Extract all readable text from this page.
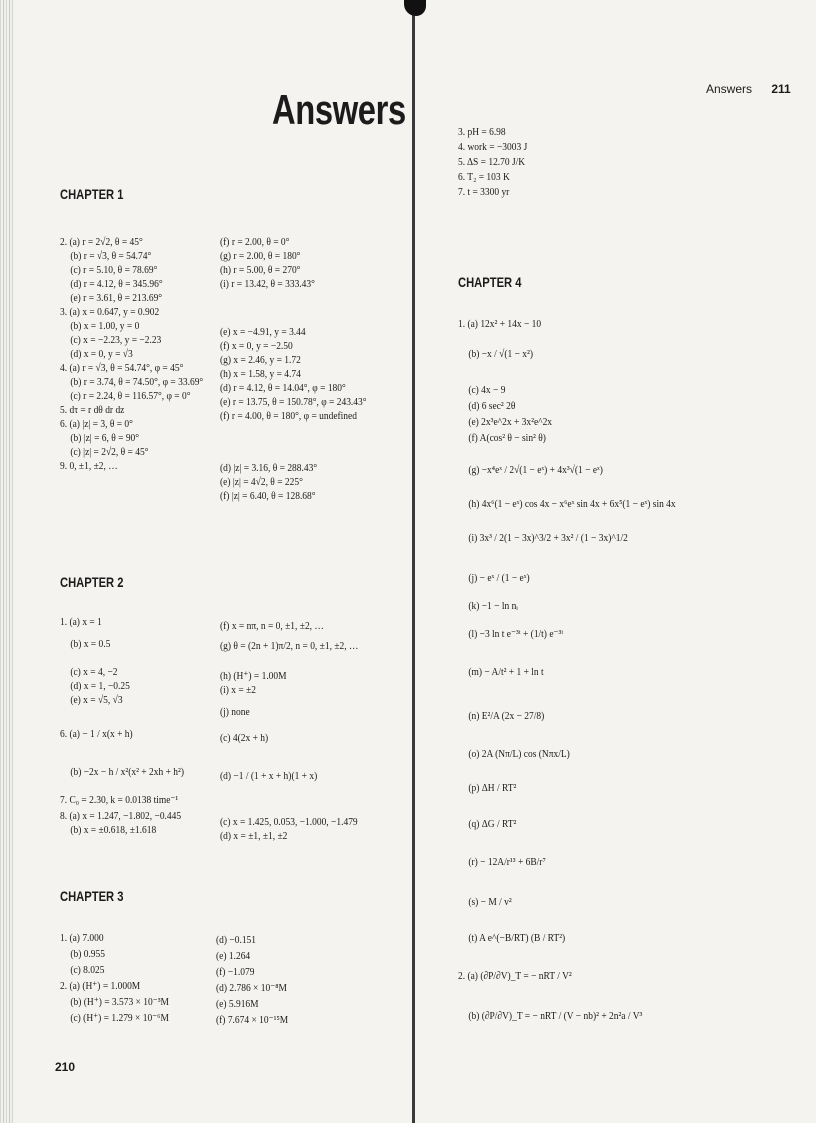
Answers	Answers 211
CHAPTER 1
2. (a) r = 2√2, θ = 45°
(b) r = √3, θ = 54.74°
(c) r = 5.10, θ = 78.69°
(d) r = 4.12, θ = 345.96°
(e) r = 3.61, θ = 213.69°
3. (a) x = 0.647, y = 0.902
(b) x = 1.00, y = 0
(c) x = −2.23, y = −2.23
(d) x = 0, y = √3
4. (a) r = √3, θ = 54.74°, φ = 45°
(b) r = 3.74, θ = 74.50°, φ = 33.69°
(c) r = 2.24, θ = 116.57°, φ = 0°
5. dτ = r dθ dr dz
6. (a) |z| = 3, θ = 0°
(b) |z| = 6, θ = 90°
(c) |z| = 2√2, θ = 45°
9. 0, ±1, ±2, …
(f) r = 2.00, θ = 0°
(g) r = 2.00, θ = 180°
(h) r = 5.00, θ = 270°
(i) r = 13.42, θ = 333.43°
(e) x = −4.91, y = 3.44
(f) x = 0, y = −2.50
(g) x = 2.46, y = 1.72
(h) x = 1.58, y = 4.74
(d) r = 4.12, θ = 14.04°, φ = 180°
(e) r = 13.75, θ = 150.78°, φ = 243.43°
(f) r = 4.00, θ = 180°, φ = undefined
(d) |z| = 3.16, θ = 288.43°
(e) |z| = 4√2, θ = 225°
(f) |z| = 6.40, θ = 128.68°
CHAPTER 2
1. (a) x = 1
(b) x = 0.5
(c) x = 4, −2
(d) x = 1, −0.25
(e) x = √5, √3
6. (a) − 1 / x(x + h)
(b) −2x − h / x²(x² + 2xh + h²)
7. C₀ = 2.30, k = 0.0138 time⁻¹
8. (a) x = 1.247, −1.802, −0.445
(b) x = ±0.618, ±1.618
(f) x = nπ, n = 0, ±1, ±2, …
(g) θ = (2n + 1)π/2, n = 0, ±1, ±2, …
(h) (H⁺) = 1.00M
(i) x = ±2
(j) none
(c) 4(2x + h)
(d) −1 / (1 + x + h)(1 + x)
(c) x = 1.425, 0.053, −1.000, −1.479
(d) x = ±1, ±1, ±2
CHAPTER 3
1. (a) 7.000
(b) 0.955
(c) 8.025
2. (a) (H⁺) = 1.000M
(b) (H⁺) = 3.573 × 10⁻³M
(c) (H⁺) = 1.279 × 10⁻⁶M
(d) −0.151
(e) 1.264
(f) −1.079
(d) 2.786 × 10⁻⁸M
(e) 5.916M
(f) 7.674 × 10⁻¹⁵M
210
3. pH = 6.98
4. work = −3003 J
5. ΔS = 12.70 J/K
6. T₂ = 103 K
7. t = 3300 yr
CHAPTER 4
1. (a) 12x² + 14x − 10
(b) −x / √(1 − x²)
(c) 4x − 9
(d) 6 sec² 2θ
(e) 2x³e^2x + 3x²e^2x
(f) A(cos² θ − sin² θ)
(g) −x⁴eˣ / 2√(1 − eˣ) + 4x³√(1 − eˣ)
(h) 4x⁶(1 − eˣ) cos 4x − x⁶eˣ sin 4x + 6x⁵(1 − eˣ) sin 4x
(i) 3x³ / 2(1 − 3x)^3/2 + 3x² / (1 − 3x)^1/2
(j) − eˣ / (1 − eˣ)
(k) −1 − ln nᵢ
(l) −3 ln t e⁻³ᵗ + (1/t) e⁻³ᵗ
(m) − A/t² + 1 + ln t
(n) E²/A (2x − 27/8)
(o) 2A (Nπ/L) cos (Nπx/L)
(p) ΔH / RT²
(q) ΔG / RT²
(r) − 12A/r¹³ + 6B/r⁷
(s) − M / v²
(t) A e^(−B/RT) (B / RT²)
2. (a) (∂P/∂V)_T = − nRT / V²
(b) (∂P/∂V)_T = − nRT / (V − nb)² + 2n²a / V³
